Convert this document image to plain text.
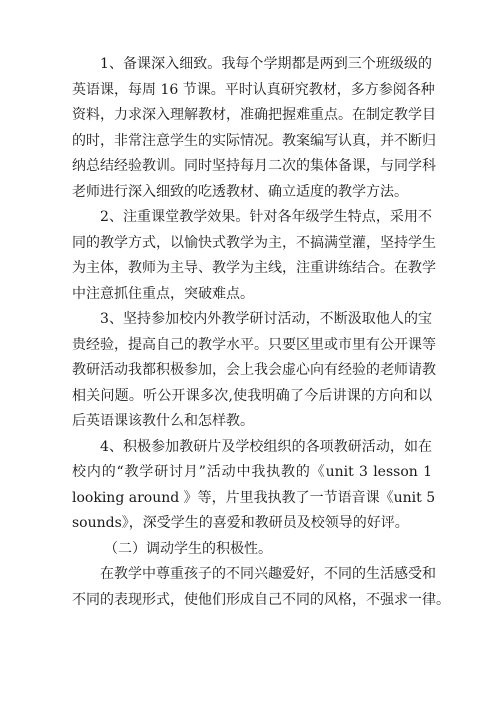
1、备课深入细致。我每个学期都是两到三个班级级的
英语课，每周 16 节课。平时认真研究教材，多方参阅各种
资料，力求深入理解教材，准确把握难重点。在制定教学目
的时，非常注意学生的实际情况。教案编写认真，并不断归
纳总结经验教训。同时坚持每月二次的集体备课，与同学科
老师进行深入细致的吃透教材、确立适度的教学方法。
2、注重课堂教学效果。针对各年级学生特点，采用不
同的教学方式，以愉快式教学为主，不搞满堂灌，坚持学生
为主体，教师为主导、教学为主线，注重讲练结合。在教学
中注意抓住重点，突破难点。
3、坚持参加校内外教学研讨活动，不断汲取他人的宝
贵经验，提高自己的教学水平。只要区里或市里有公开课等
教研活动我都积极参加，会上我会虚心向有经验的老师请教
相关问题。听公开课多次,使我明确了今后讲课的方向和以
后英语课该教什么和怎样教。
4、积极参加教研片及学校组织的各项教研活动，如在
校内的“教学研讨月”活动中我执教的《unit 3 lesson 1
looking around 》等，片里我执教了一节语音课《unit 5
sounds》，深受学生的喜爱和教研员及校领导的好评。
（二）调动学生的积极性。
在教学中尊重孩子的不同兴趣爱好，不同的生活感受和
不同的表现形式，使他们形成自己不同的风格，不强求一律。
